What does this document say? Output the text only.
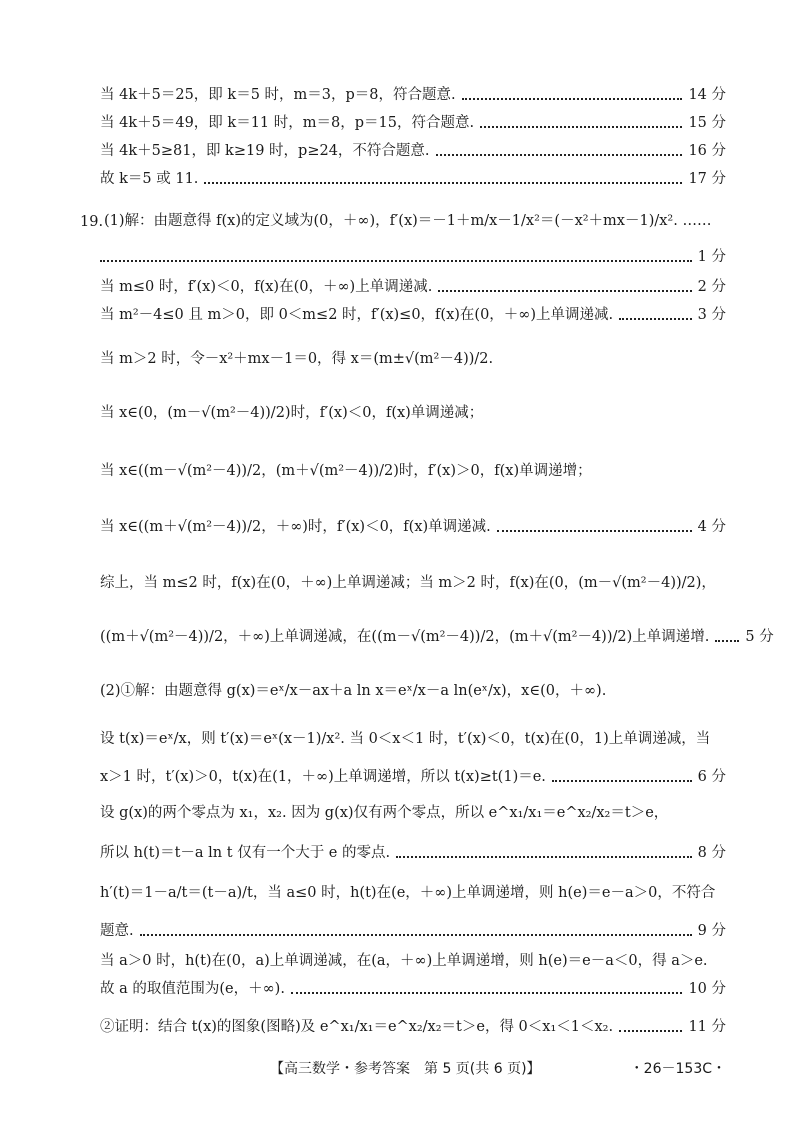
当 4k＋5＝25，即 k＝5 时，m＝3，p＝8，符合题意.	14 分
当 4k＋5＝49，即 k＝11 时，m＝8，p＝15，符合题意.	15 分
当 4k＋5≥81，即 k≥19 时，p≥24，不符合题意.	16 分
故 k＝5 或 11.	17 分
19. (1)解：由题意得 f(x)的定义域为(0，＋∞)，f′(x)＝－1＋m/x－1/x²＝(－x²＋mx－1)/x². ……
1 分
当 m≤0 时，f′(x)＜0，f(x)在(0，＋∞)上单调递减.	2 分
当 m²－4≤0 且 m＞0，即 0＜m≤2 时，f′(x)≤0，f(x)在(0，＋∞)上单调递减.	3 分
当 m＞2 时，令－x²＋mx－1＝0，得 x＝(m±√(m²－4))/2.
当 x∈(0，(m－√(m²－4))/2)时，f′(x)＜0，f(x)单调递减；
当 x∈((m－√(m²－4))/2，(m＋√(m²－4))/2)时，f′(x)＞0，f(x)单调递增；
当 x∈((m＋√(m²－4))/2，＋∞)时，f′(x)＜0，f(x)单调递减.	4 分
综上，当 m≤2 时，f(x)在(0，＋∞)上单调递减；当 m＞2 时，f(x)在(0，(m－√(m²－4))/2)，
((m＋√(m²－4))/2，＋∞)上单调递减，在((m－√(m²－4))/2，(m＋√(m²－4))/2)上单调递增. 5 分
(2)①解：由题意得 g(x)＝eˣ/x－ax＋a ln x＝eˣ/x－a ln(eˣ/x)，x∈(0，＋∞).
设 t(x)＝eˣ/x，则 t′(x)＝eˣ(x－1)/x². 当 0＜x＜1 时，t′(x)＜0，t(x)在(0，1)上单调递减，当
x＞1 时，t′(x)＞0，t(x)在(1，＋∞)上单调递增，所以 t(x)≥t(1)＝e.	6 分
设 g(x)的两个零点为 x₁，x₂. 因为 g(x)仅有两个零点，所以 e^x₁/x₁＝e^x₂/x₂＝t＞e，
所以 h(t)＝t－a ln t 仅有一个大于 e 的零点.	8 分
h′(t)＝1－a/t＝(t－a)/t，当 a≤0 时，h(t)在(e，＋∞)上单调递增，则 h(e)＝e－a＞0，不符合
题意.	9 分
当 a＞0 时，h(t)在(0，a)上单调递减，在(a，＋∞)上单调递增，则 h(e)＝e－a＜0，得 a＞e.
故 a 的取值范围为(e，＋∞).	10 分
②证明：结合 t(x)的图象(图略)及 e^x₁/x₁＝e^x₂/x₂＝t＞e，得 0＜x₁＜1＜x₂.	11 分
【高三数学・参考答案　第 5 页(共 6 页)】	・26－153C・
